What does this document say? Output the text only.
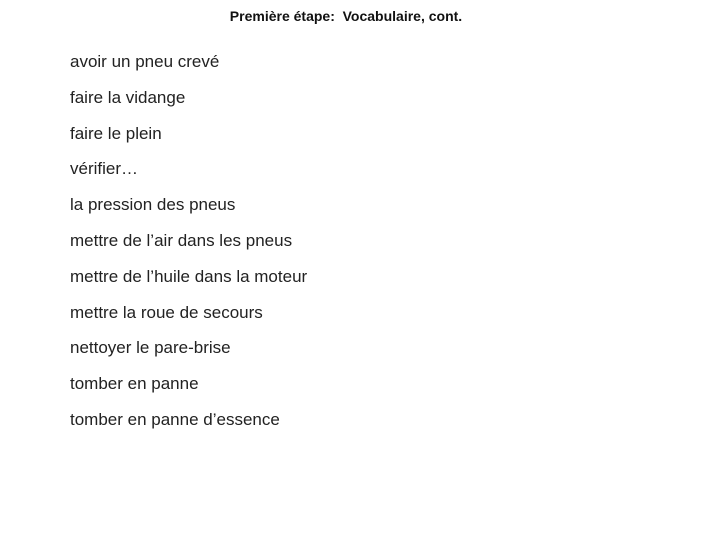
Première étape:  Vocabulaire, cont.
avoir un pneu crevé
faire la vidange
faire le plein
vérifier…
la pression des pneus
mettre de l’air dans les pneus
mettre de l’huile dans la moteur
mettre la roue de secours
nettoyer le pare-brise
tomber en panne
tomber en panne d’essence
